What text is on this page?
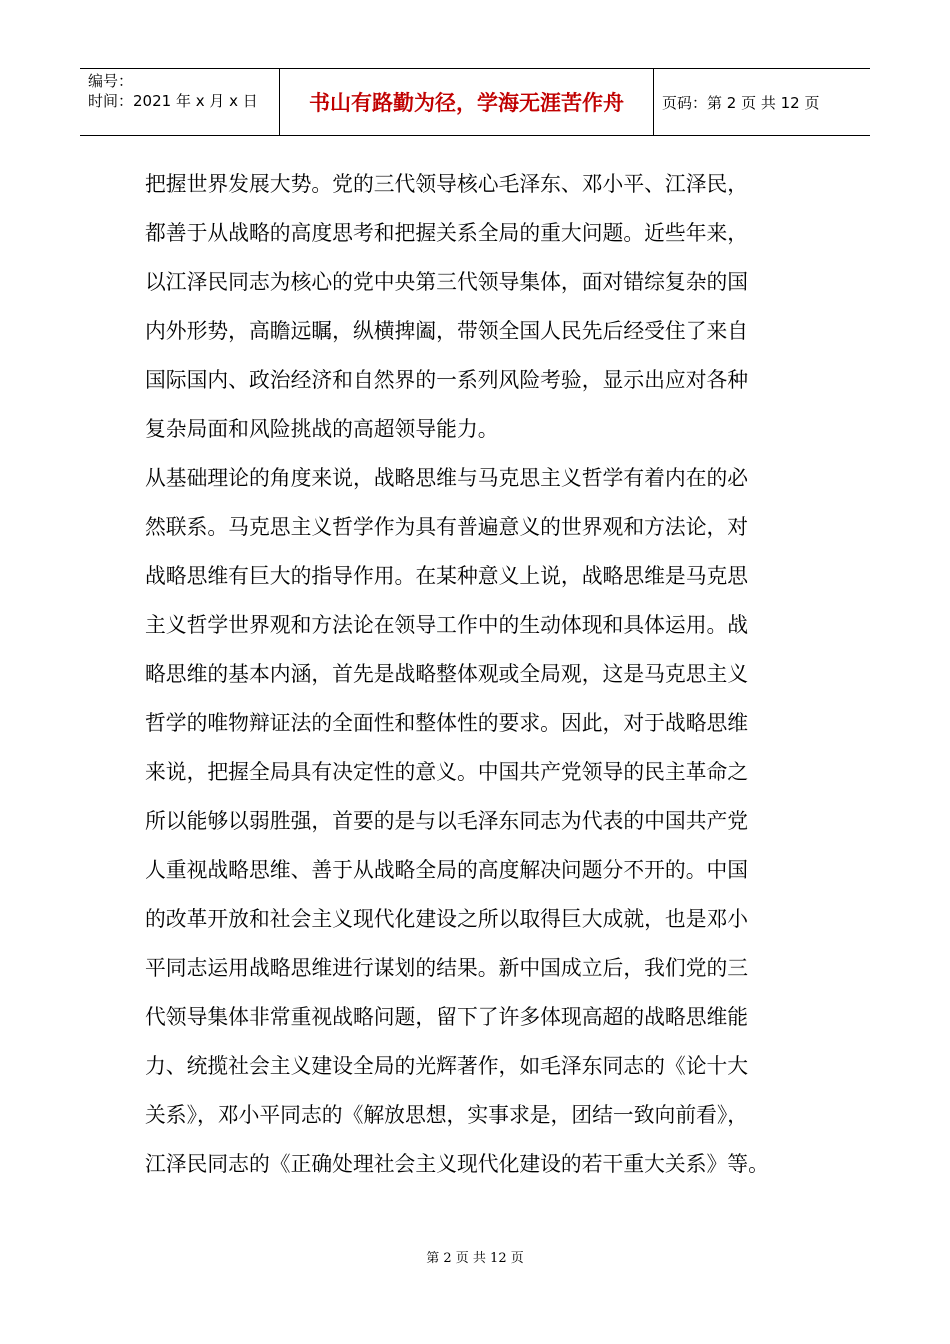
编号：
时间：2021 年 x 月 x 日	书山有路勤为径，学海无涯苦作舟	页码：第 2 页 共 12 页
把握世界发展大势。党的三代领导核心毛泽东、邓小平、江泽民，
都善于从战略的高度思考和把握关系全局的重大问题。近些年来，
以江泽民同志为核心的党中央第三代领导集体，面对错综复杂的国
内外形势，高瞻远瞩，纵横捭阖，带领全国人民先后经受住了来自
国际国内、政治经济和自然界的一系列风险考验，显示出应对各种
复杂局面和风险挑战的高超领导能力。
从基础理论的角度来说，战略思维与马克思主义哲学有着内在的必
然联系。马克思主义哲学作为具有普遍意义的世界观和方法论，对
战略思维有巨大的指导作用。在某种意义上说，战略思维是马克思
主义哲学世界观和方法论在领导工作中的生动体现和具体运用。战
略思维的基本内涵，首先是战略整体观或全局观，这是马克思主义
哲学的唯物辩证法的全面性和整体性的要求。因此，对于战略思维
来说，把握全局具有决定性的意义。中国共产党领导的民主革命之
所以能够以弱胜强，首要的是与以毛泽东同志为代表的中国共产党
人重视战略思维、善于从战略全局的高度解决问题分不开的。中国
的改革开放和社会主义现代化建设之所以取得巨大成就，也是邓小
平同志运用战略思维进行谋划的结果。新中国成立后，我们党的三
代领导集体非常重视战略问题，留下了许多体现高超的战略思维能
力、统揽社会主义建设全局的光辉著作，如毛泽东同志的《论十大
关系》，邓小平同志的《解放思想，实事求是，团结一致向前看》，
江泽民同志的《正确处理社会主义现代化建设的若干重大关系》等。
第 2 页 共 12 页
